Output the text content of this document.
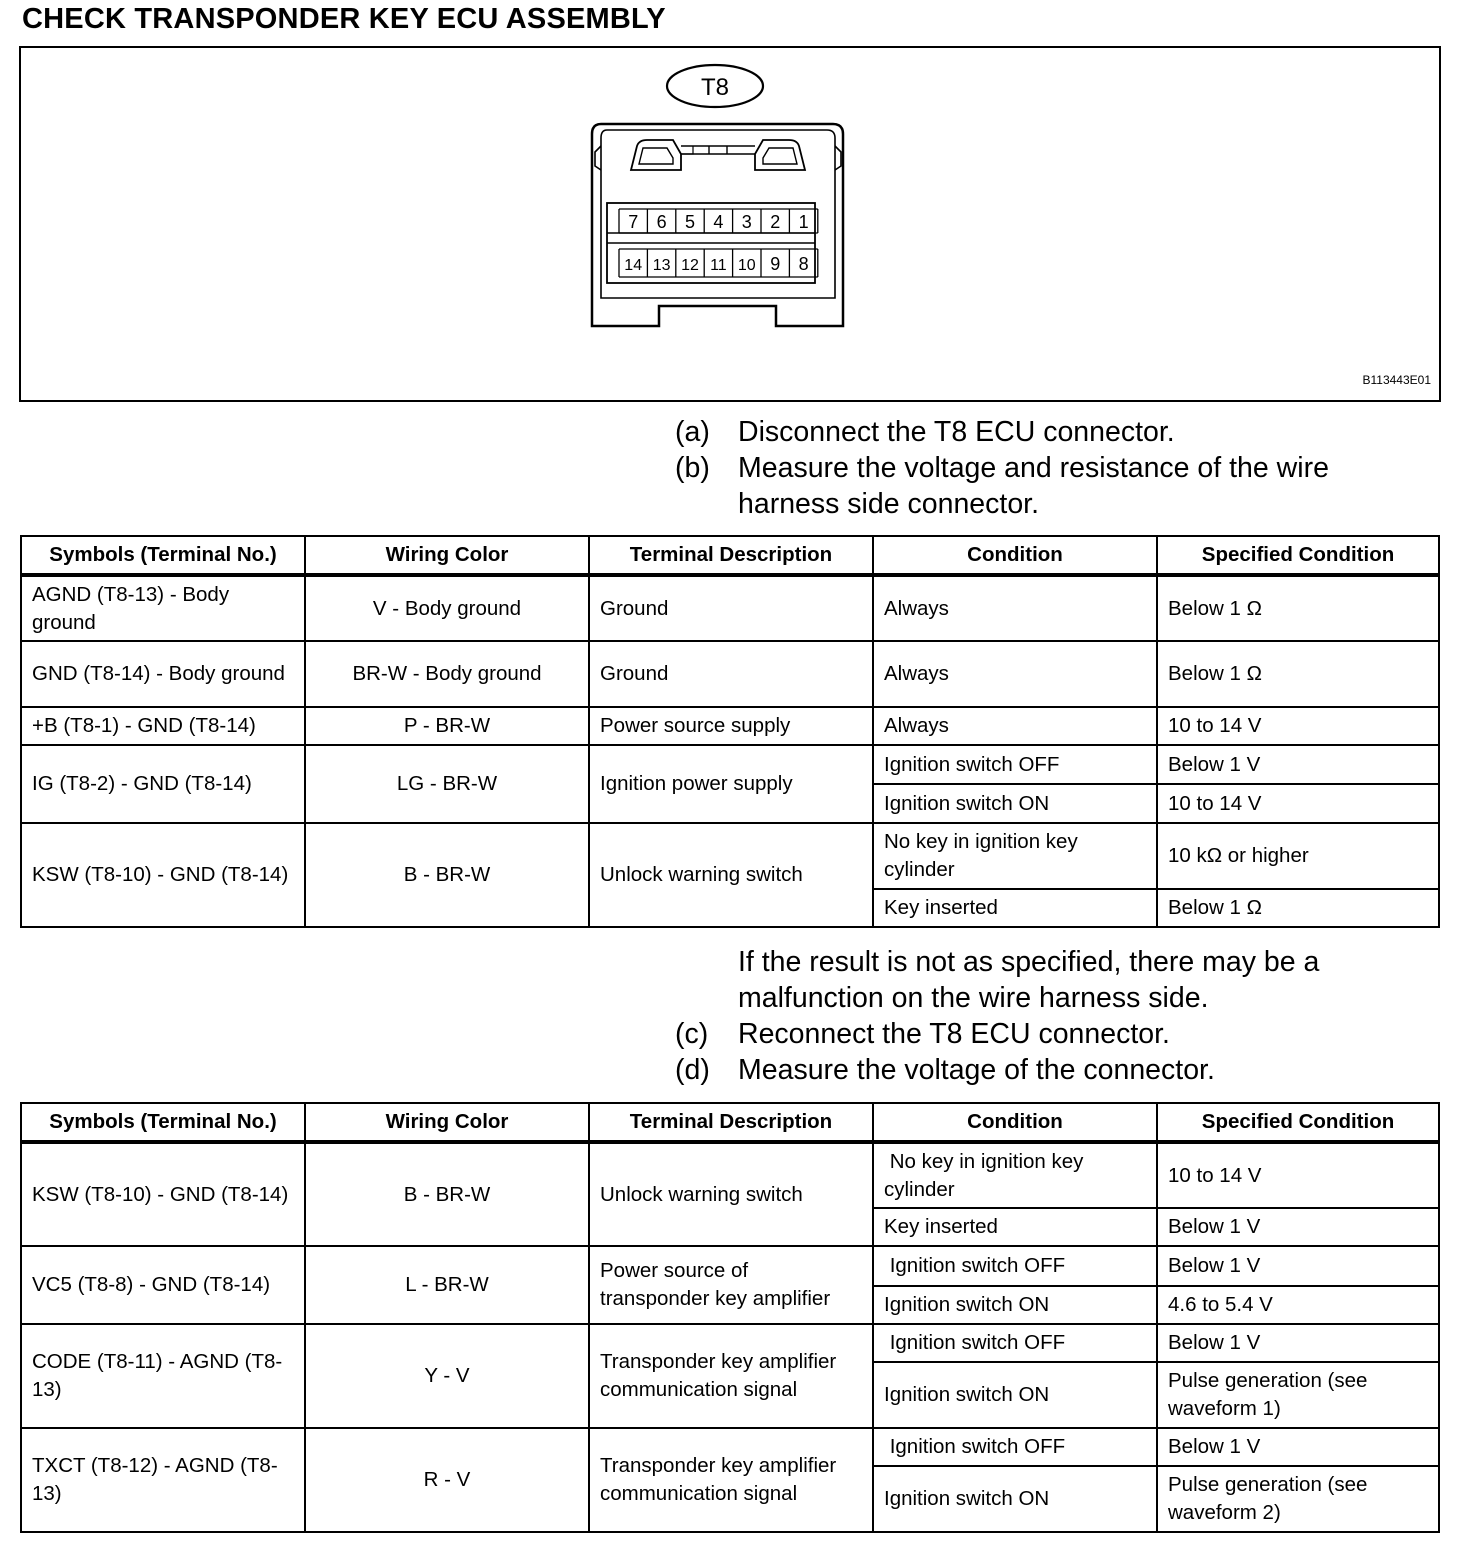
CHECK TRANSPONDER KEY ECU ASSEMBLY
T8
7 6 5 4 3 2 1
14 13 12 11 10 9 8
B113443E01
(a) Disconnect the T8 ECU connector.
(b) Measure the voltage and resistance of the wire harness side connector.
Symbols (Terminal No.)	Wiring Color	Terminal Description	Condition	Specified Condition
AGND (T8-13) - Body ground	V - Body ground	Ground	Always	Below 1 Ω
GND (T8-14) - Body ground	BR-W - Body ground	Ground	Always	Below 1 Ω
+B (T8-1) - GND (T8-14)	P - BR-W	Power source supply	Always	10 to 14 V
IG (T8-2) - GND (T8-14)	LG - BR-W	Ignition power supply	Ignition switch OFF	Below 1 V
			Ignition switch ON	10 to 14 V
KSW (T8-10) - GND (T8-14)	B - BR-W	Unlock warning switch	No key in ignition key cylinder	10 kΩ or higher
			Key inserted	Below 1 Ω
If the result is not as specified, there may be a malfunction on the wire harness side.
(c)	Reconnect the T8 ECU connector.
(d) Measure the voltage of the connector.
Symbols (Terminal No.)	Wiring Color	Terminal Description	Condition	Specified Condition
KSW (T8-10) - GND (T8-14)	B - BR-W	Unlock warning switch	No key in ignition key cylinder	10 to 14 V
			Key inserted	Below 1 V
VC5 (T8-8) - GND (T8-14)	L - BR-W	Power source of transponder key amplifier	Ignition switch OFF	Below 1 V
			Ignition switch ON	4.6 to 5.4 V
CODE (T8-11) - AGND (T8-13)	Y - V	Transponder key amplifier communication signal	Ignition switch OFF	Below 1 V
			Ignition switch ON	Pulse generation (see waveform 1)
TXCT (T8-12) - AGND (T8-13)	R - V	Transponder key amplifier communication signal	Ignition switch OFF	Below 1 V
			Ignition switch ON	Pulse generation (see waveform 2)
